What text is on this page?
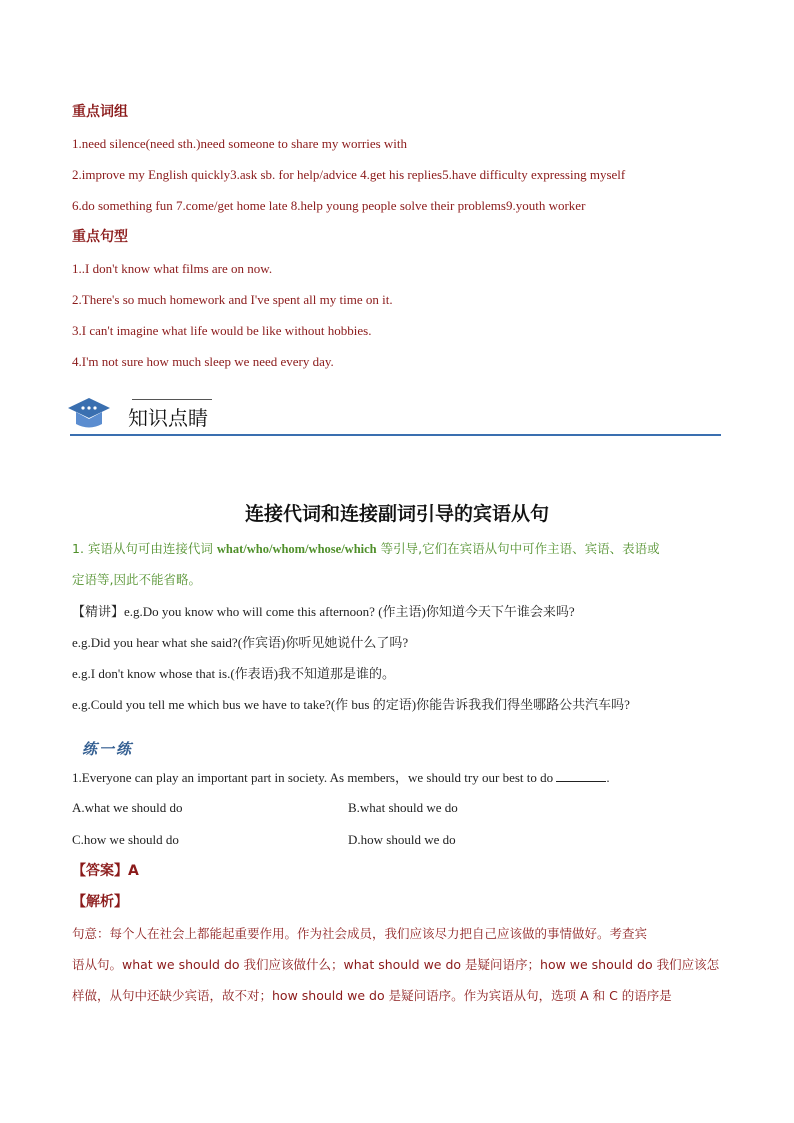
重点词组
1.need silence(need sth.)need someone to share my worries with
2.improve my English quickly3.ask sb. for help/advice 4.get his replies5.have difficulty expressing myself
6.do something fun 7.come/get home late 8.help young people solve their problems9.youth worker
重点句型
1..I don't know what films are on now.
2.There's so much homework and I've spent all my time on it.
3.I can't imagine what life would be like without hobbies.
4.I'm not sure how much sleep we need every day.
知识点睛
连接代词和连接副词引导的宾语从句
1. 宾语从句可由连接代词 what/who/whom/whose/which 等引导,它们在宾语从句中可作主语、宾语、表语或
定语等,因此不能省略。
【精讲】e.g.Do you know who will come this afternoon? (作主语)你知道今天下午谁会来吗?
e.g.Did you hear what she said?(作宾语)你听见她说什么了吗?
e.g.I don't know whose that is.(作表语)我不知道那是谁的。
e.g.Could you tell me which bus we have to take?(作 bus 的定语)你能告诉我我们得坐哪路公共汽车吗?
练一练
1.Everyone can play an important part in society. As members，we should try our best to do	.
A.what we should do	B.what should we do
C.how we should do	D.how should we do
【答案】A
【解析】
句意：每个人在社会上都能起重要作用。作为社会成员，我们应该尽力把自己应该做的事情做好。考查宾
语从句。what we should do 我们应该做什么；what should we do 是疑问语序；how we should do 我们应该怎
样做，从句中还缺少宾语，故不对；how should we do 是疑问语序。作为宾语从句，选项 A 和 C 的语序是
